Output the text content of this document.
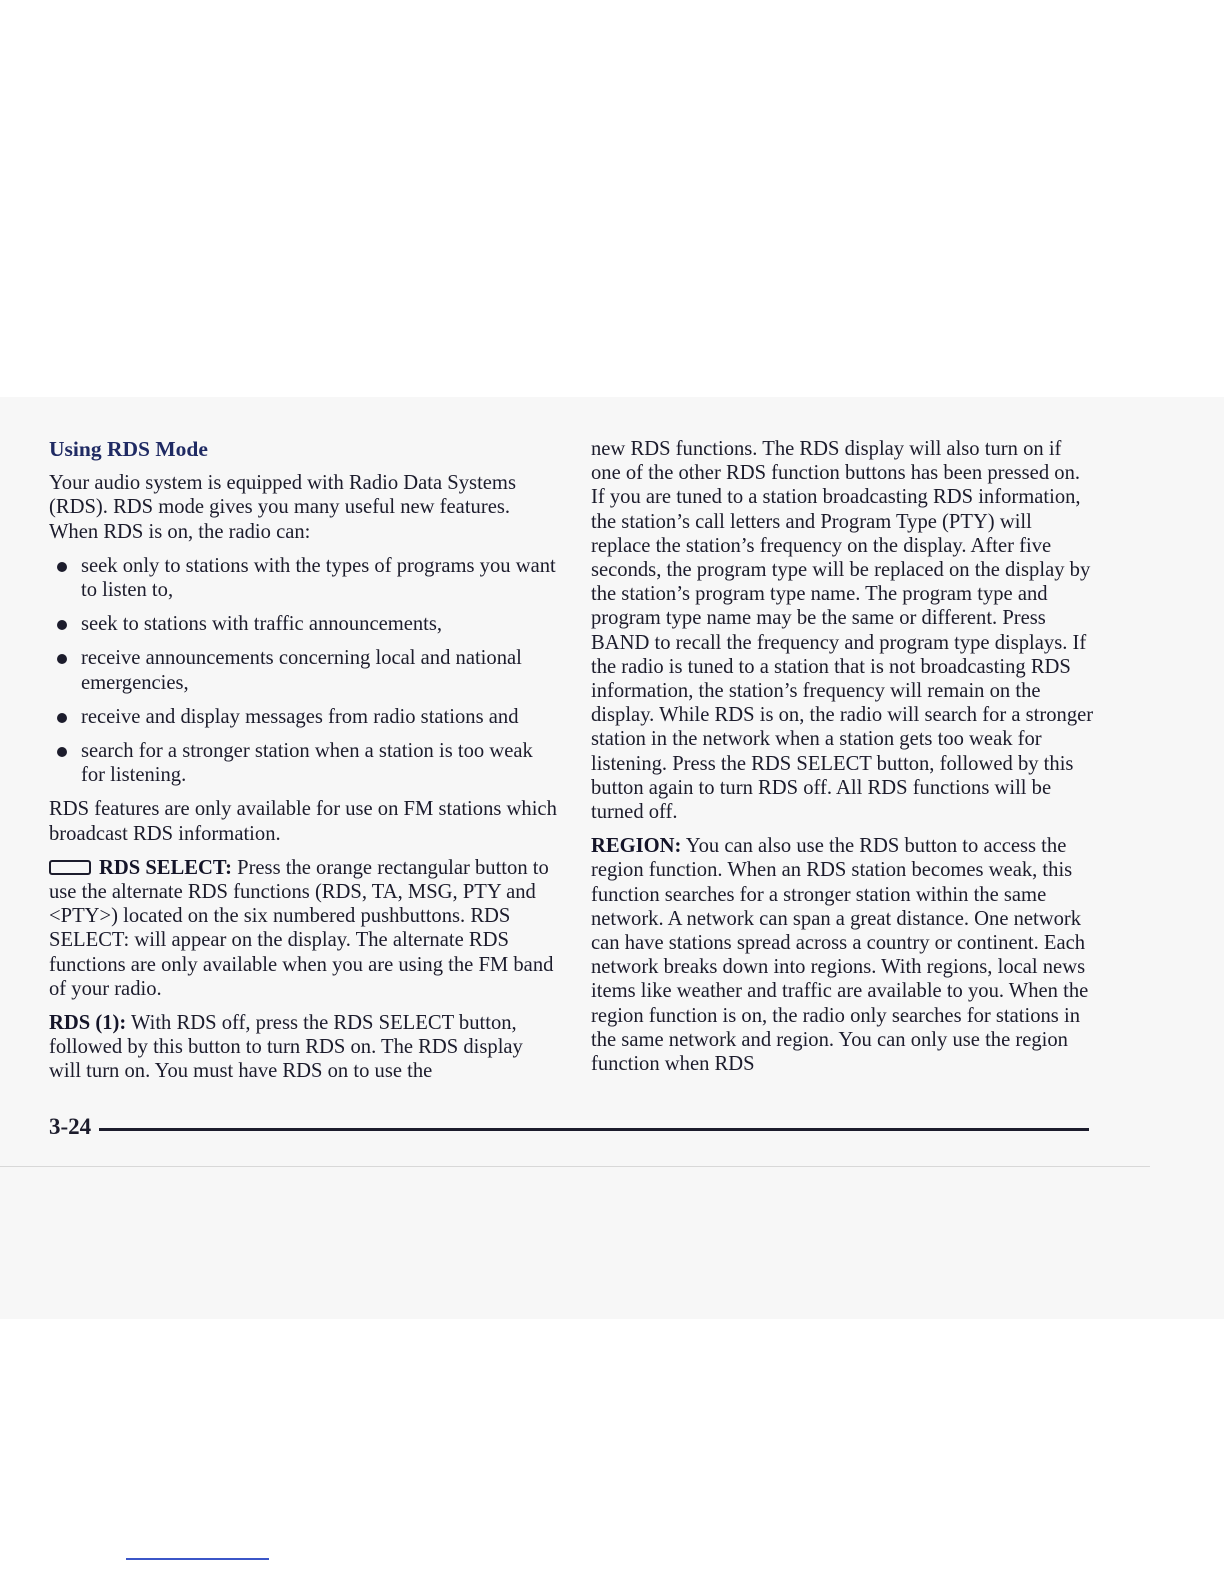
Using RDS Mode

Your audio system is equipped with Radio Data Systems (RDS). RDS mode gives you many useful new features. When RDS is on, the radio can:

seek only to stations with the types of programs you want to listen to,
seek to stations with traffic announcements,
receive announcements concerning local and national emergencies,
receive and display messages from radio stations and
search for a stronger station when a station is too weak for listening.

RDS features are only available for use on FM stations which broadcast RDS information.

RDS SELECT: Press the orange rectangular button to use the alternate RDS functions (RDS, TA, MSG, PTY and <PTY>) located on the six numbered pushbuttons. RDS SELECT: will appear on the display. The alternate RDS functions are only available when you are using the FM band of your radio.

RDS (1): With RDS off, press the RDS SELECT button, followed by this button to turn RDS on. The RDS display will turn on. You must have RDS on to use the

new RDS functions. The RDS display will also turn on if one of the other RDS function buttons has been pressed on. If you are tuned to a station broadcasting RDS information, the station’s call letters and Program Type (PTY) will replace the station’s frequency on the display. After five seconds, the program type will be replaced on the display by the station’s program type name. The program type and program type name may be the same or different. Press BAND to recall the frequency and program type displays. If the radio is tuned to a station that is not broadcasting RDS information, the station’s frequency will remain on the display. While RDS is on, the radio will search for a stronger station in the network when a station gets too weak for listening. Press the RDS SELECT button, followed by this button again to turn RDS off. All RDS functions will be turned off.

REGION: You can also use the RDS button to access the region function. When an RDS station becomes weak, this function searches for a stronger station within the same network. A network can span a great distance. One network can have stations spread across a country or continent. Each network breaks down into regions. With regions, local news items like weather and traffic are available to you. When the region function is on, the radio only searches for stations in the same network and region. You can only use the region function when RDS

3-24
